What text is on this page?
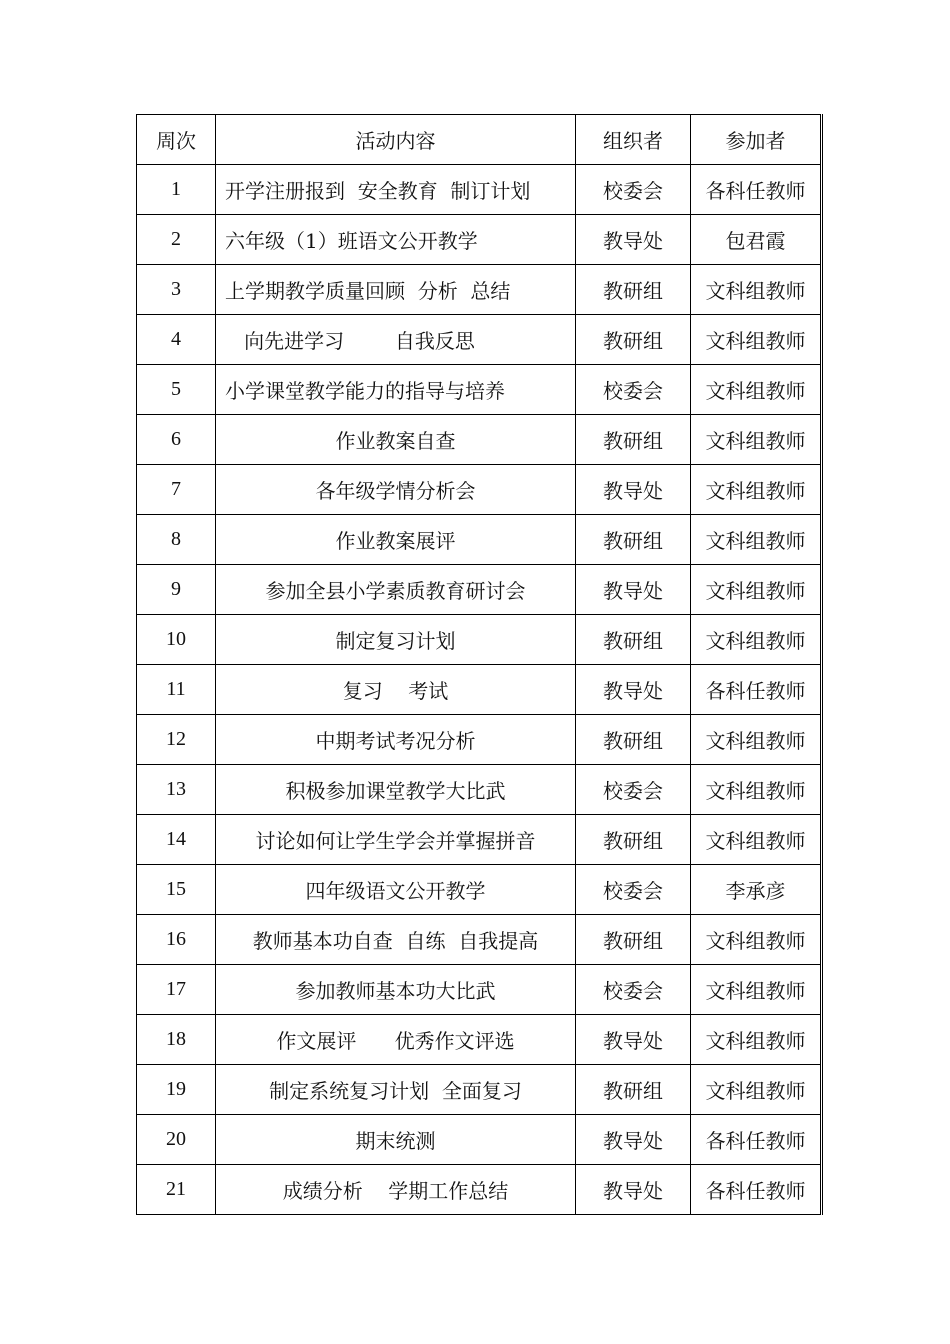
周次	活动内容	组织者	参加者
1	开学注册报到  安全教育  制订计划	校委会	各科任教师
2	六年级（1）班语文公开教学	教导处	包君霞
3	上学期教学质量回顾  分析  总结	教研组	文科组教师
4	向先进学习        自我反思	教研组	文科组教师
5	小学课堂教学能力的指导与培养	校委会	文科组教师
6	作业教案自查	教研组	文科组教师
7	各年级学情分析会	教导处	文科组教师
8	作业教案展评	教研组	文科组教师
9	参加全县小学素质教育研讨会	教导处	文科组教师
10	制定复习计划	教研组	文科组教师
11	复习    考试	教导处	各科任教师
12	中期考试考况分析	教研组	文科组教师
13	积极参加课堂教学大比武	校委会	文科组教师
14	讨论如何让学生学会并掌握拼音	教研组	文科组教师
15	四年级语文公开教学	校委会	李承彦
16	教师基本功自查  自练  自我提高	教研组	文科组教师
17	参加教师基本功大比武	校委会	文科组教师
18	作文展评      优秀作文评选	教导处	文科组教师
19	制定系统复习计划  全面复习	教研组	文科组教师
20	期末统测	教导处	各科任教师
21	成绩分析    学期工作总结	教导处	各科任教师
